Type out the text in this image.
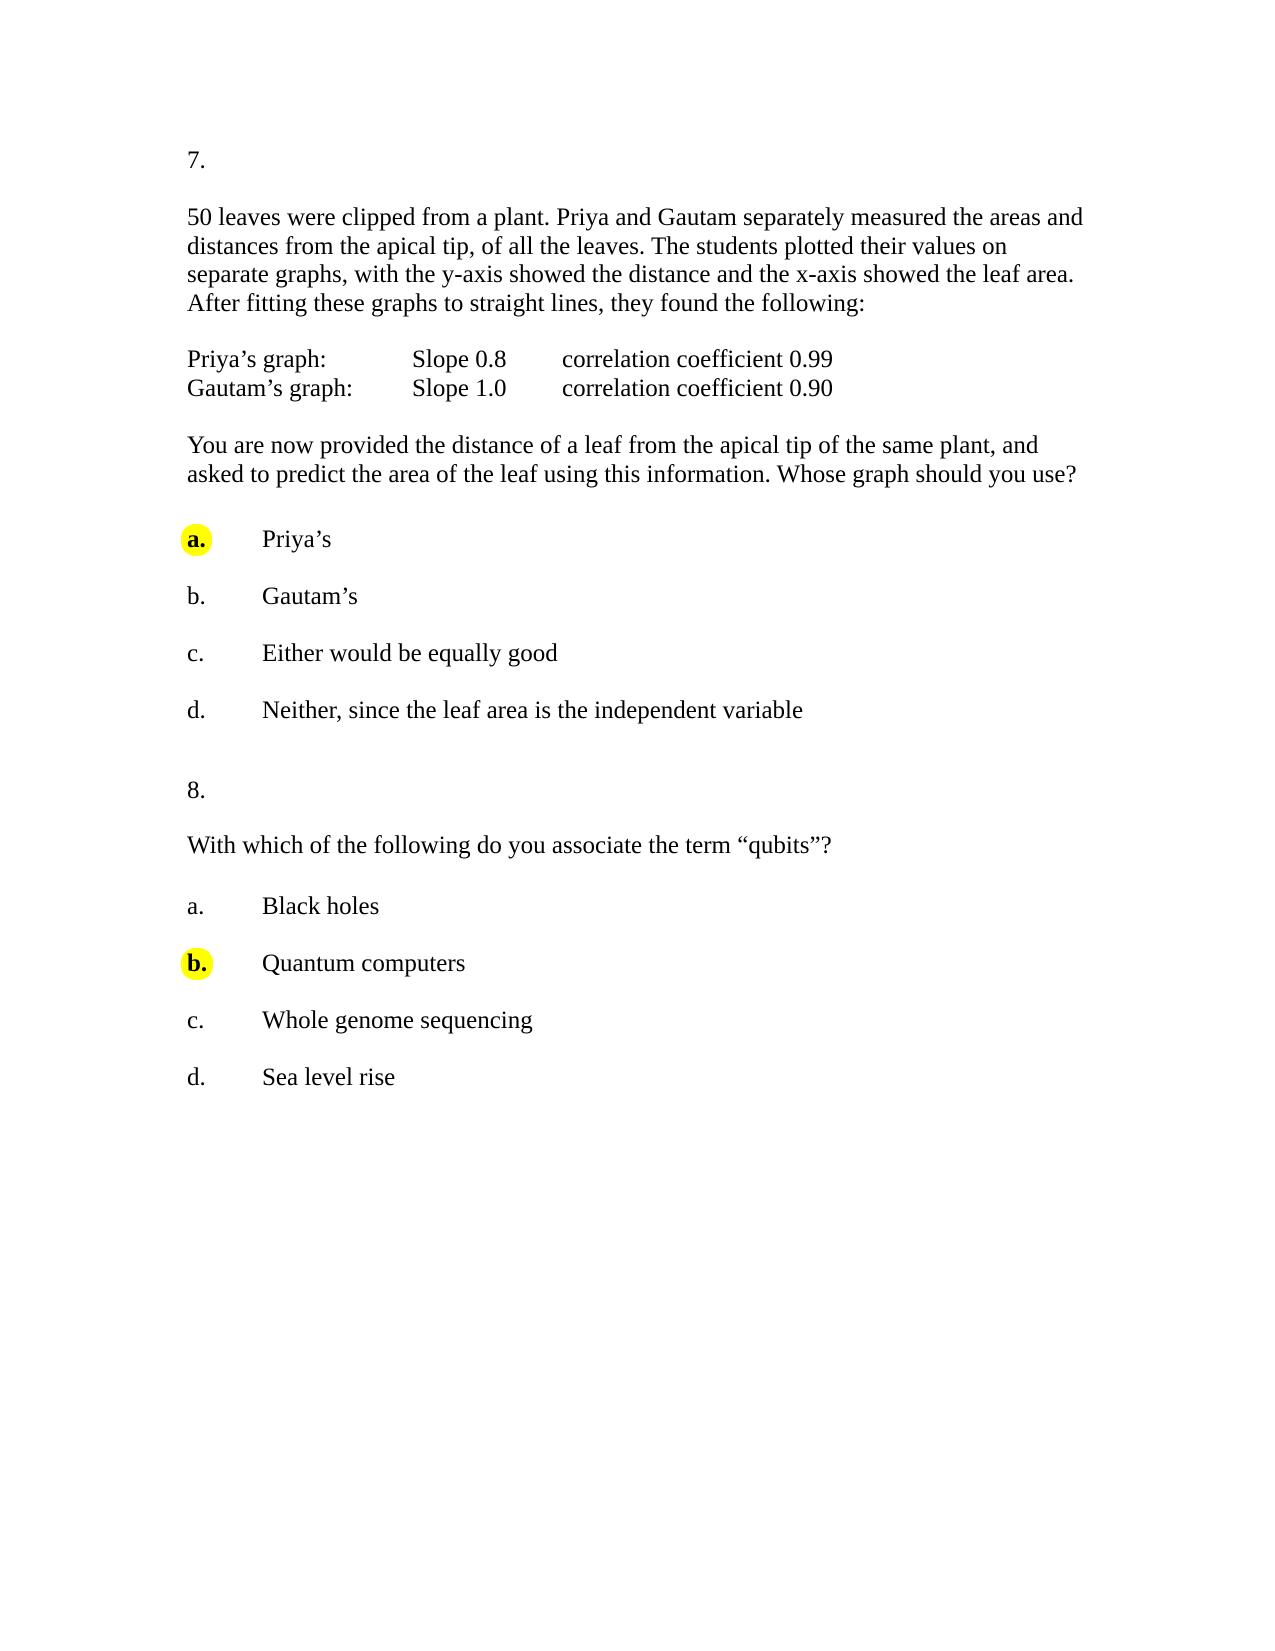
7.
50 leaves were clipped from a plant. Priya and Gautam separately measured the areas and
distances from the apical tip, of all the leaves. The students plotted their values on
separate graphs, with the y-axis showed the distance and the x-axis showed the leaf area.
After fitting these graphs to straight lines, they found the following:
Priya’s graph:	Slope 0.8 correlation coefficient 0.99
Gautam’s graph: Slope 1.0 correlation coefficient 0.90
You are now provided the distance of a leaf from the apical tip of the same plant, and
asked to predict the area of the leaf using this information. Whose graph should you use?
a. Priya’s
b. Gautam’s
c. Either would be equally good
d. Neither, since the leaf area is the independent variable
8.
With which of the following do you associate the term “qubits”?
a. Black holes
b. Quantum computers
c. Whole genome sequencing
d. Sea level rise
